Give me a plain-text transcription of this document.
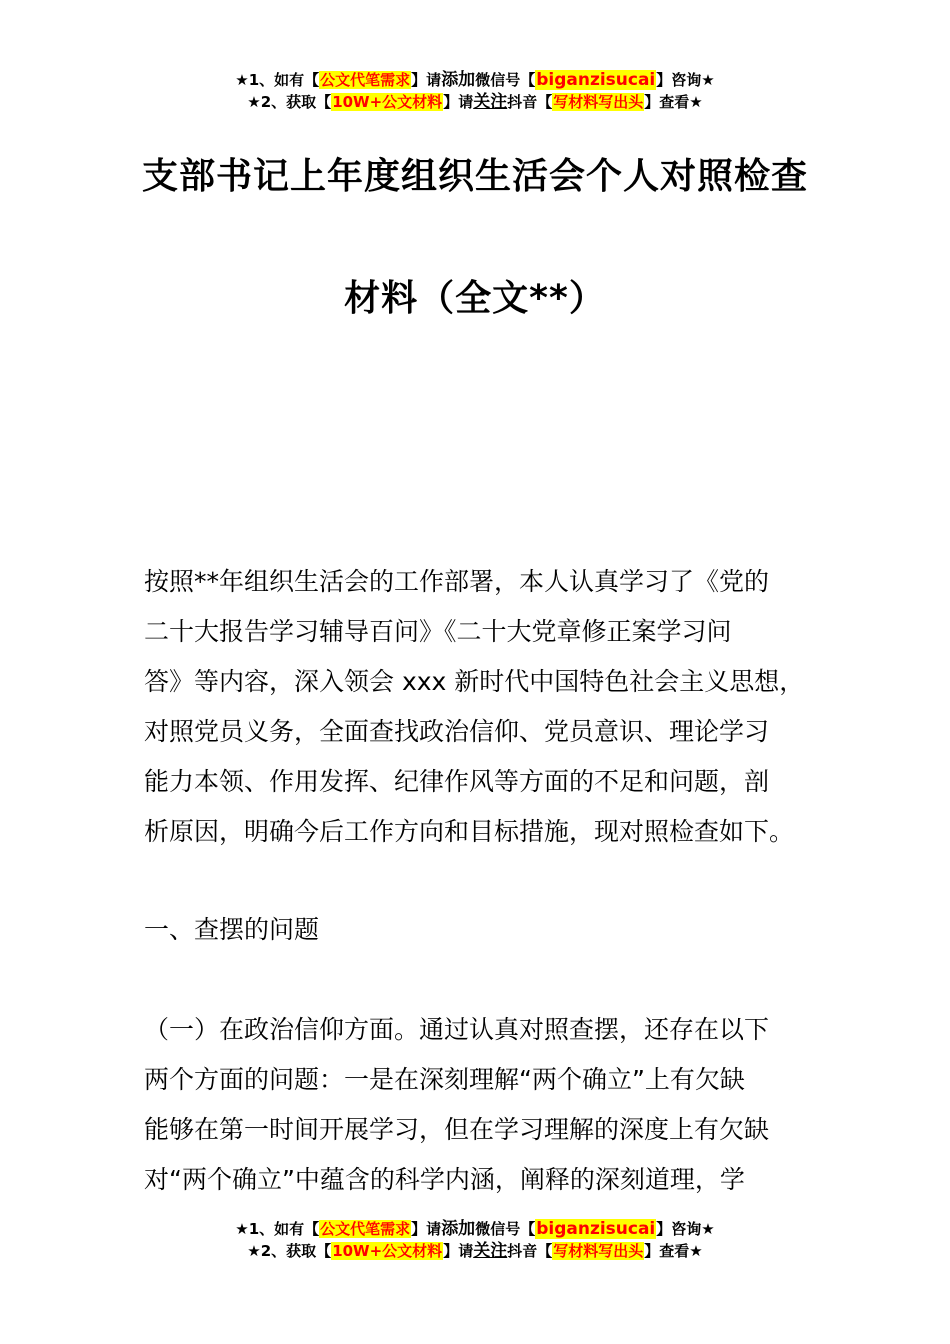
★1、如有【公文代笔需求】请添加微信号【biganzisucai】咨询★
★2、获取【10W+公文材料】请关注抖音【写材料写出头】查看★
支部书记上年度组织生活会个人对照检查
材料（全文**）
按照**年组织生活会的工作部署，本人认真学习了《党的
二十大报告学习辅导百问》《二十大党章修正案学习问
答》等内容，深入领会 xxx 新时代中国特色社会主义思想，
对照党员义务，全面查找政治信仰、党员意识、理论学习
能力本领、作用发挥、纪律作风等方面的不足和问题，剖
析原因，明确今后工作方向和目标措施，现对照检查如下。
一、查摆的问题
（一）在政治信仰方面。通过认真对照查摆，还存在以下
两个方面的问题：一是在深刻理解“两个确立”上有欠缺
能够在第一时间开展学习，但在学习理解的深度上有欠缺
对“两个确立”中蕴含的科学内涵，阐释的深刻道理，学
★1、如有【公文代笔需求】请添加微信号【biganzisucai】咨询★
★2、获取【10W+公文材料】请关注抖音【写材料写出头】查看★
